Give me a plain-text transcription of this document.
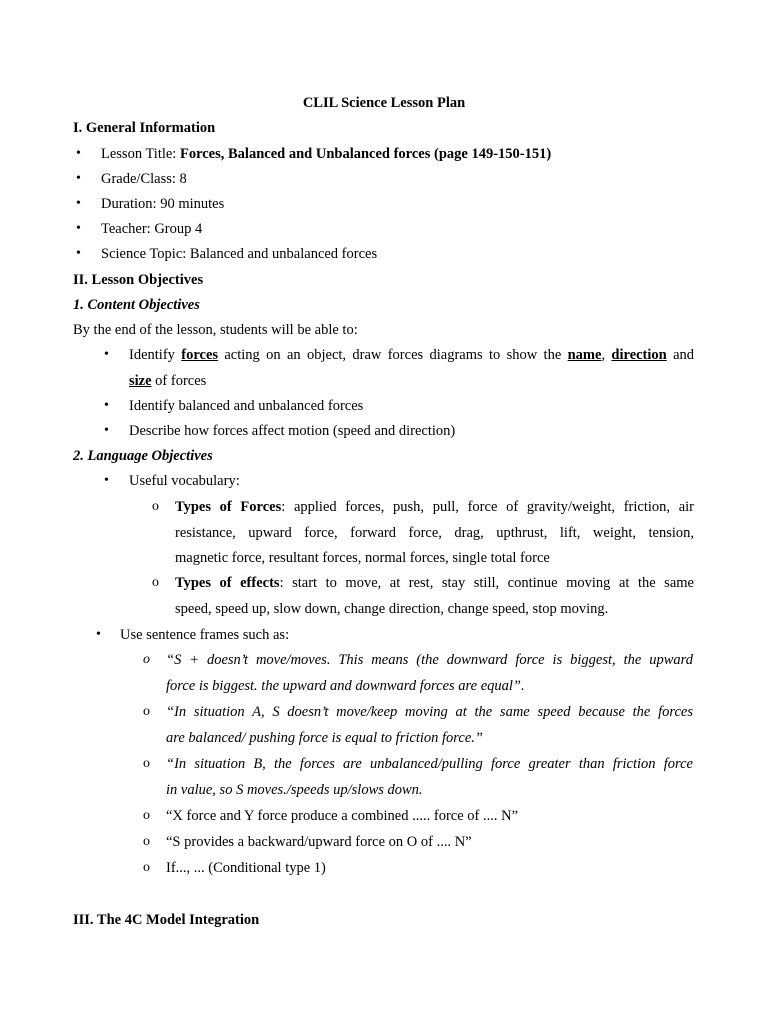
CLIL Science Lesson Plan
I. General Information
• Lesson Title: Forces, Balanced and Unbalanced forces (page 149-150-151)
• Grade/Class: 8
• Duration: 90 minutes
• Teacher: Group 4
• Science Topic: Balanced and unbalanced forces
II. Lesson Objectives
1. Content Objectives
By the end of the lesson, students will be able to:
• Identify forces acting on an object, draw forces diagrams to show the name, direction and
size of forces
• Identify balanced and unbalanced forces
• Describe how forces affect motion (speed and direction)
2. Language Objectives
• Useful vocabulary:
o Types of Forces: applied forces, push, pull, force of gravity/weight, friction, air
resistance, upward force, forward force, drag, upthrust, lift, weight, tension,
magnetic force, resultant forces, normal forces, single total force
o Types of effects: start to move, at rest, stay still, continue moving at the same
speed, speed up, slow down, change direction, change speed, stop moving.
• Use sentence frames such as:
o “S + doesn’t move/moves. This means (the downward force is biggest, the upward
force is biggest. the upward and downward forces are equal”.
o “In situation A, S doesn’t move/keep moving at the same speed because the forces
are balanced/ pushing force is equal to friction force.”
o “In situation B, the forces are unbalanced/pulling force greater than friction force
in value, so S moves./speeds up/slows down.
o “X force and Y force produce a combined ..... force of .... N”
o “S provides a backward/upward force on O of .... N”
o If..., ... (Conditional type 1)
III. The 4C Model Integration
